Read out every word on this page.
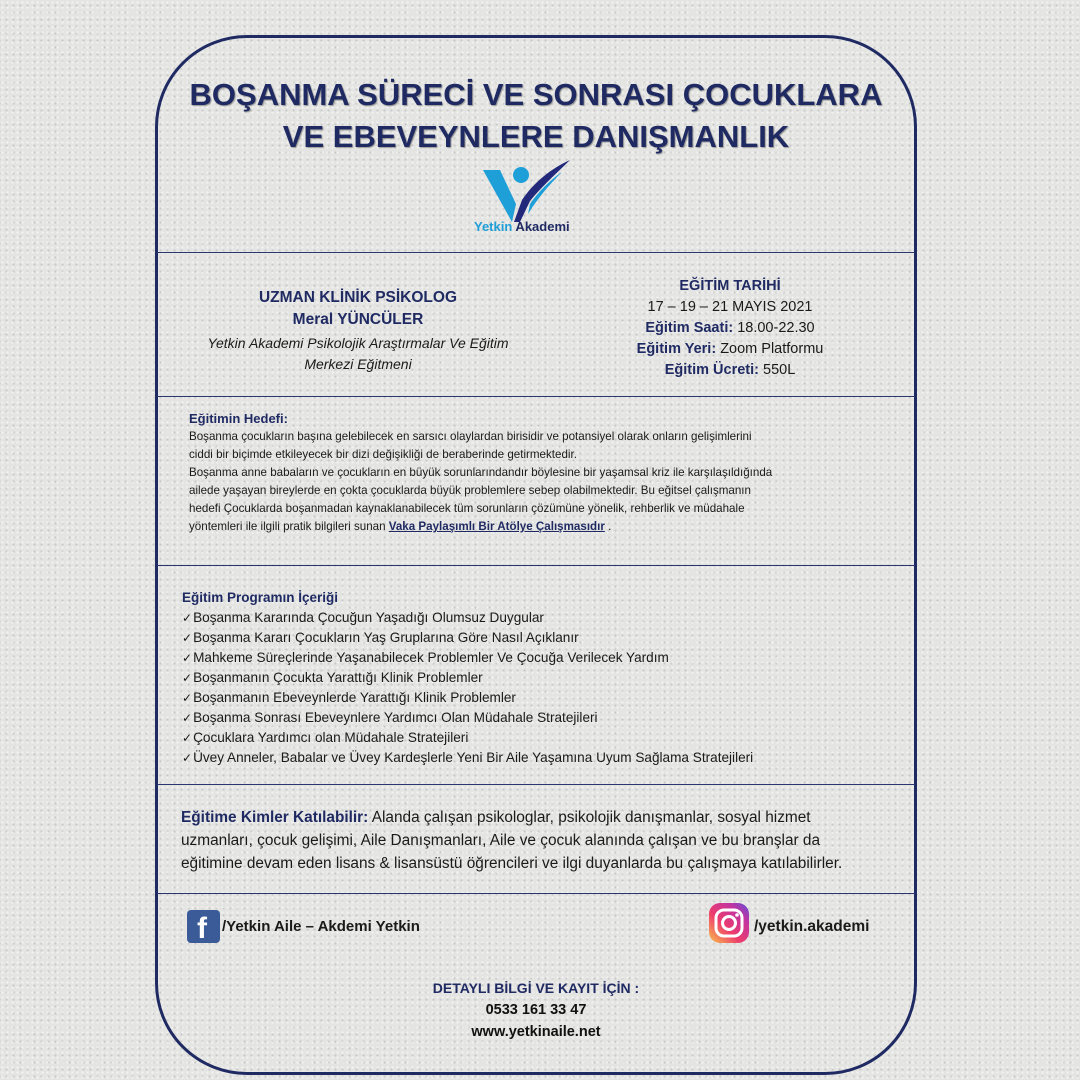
BOŞANMA SÜRECİ VE SONRASI ÇOCUKLARA
VE EBEVEYNLERE DANIŞMANLIK
Yetkin Akademi
UZMAN KLİNİK PSİKOLOG
Meral YÜNCÜLER
Yetkin Akademi Psikolojik Araştırmalar Ve Eğitim Merkezi Eğitmeni
EĞİTİM TARİHİ
17 – 19 – 21 MAYIS 2021
Eğitim Saati: 18.00-22.30
Eğitim Yeri: Zoom Platformu
Eğitim Ücreti: 550L
Eğitimin Hedefi:

Boşanma çocukların başına gelebilecek en sarsıcı olaylardan birisidir ve potansiyel olarak onların gelişimlerini

ciddi bir biçimde etkileyecek bir dizi değişikliği de beraberinde getirmektedir.

Boşanma anne babaların ve çocukların en büyük sorunlarındandır böylesine bir yaşamsal kriz ile karşılaşıldığında

ailede yaşayan bireylerde en çokta çocuklarda büyük problemlere sebep olabilmektedir. Bu eğitsel çalışmanın

hedefi Çocuklarda boşanmadan kaynaklanabilecek tüm sorunların çözümüne yönelik, rehberlik ve müdahale

yöntemleri ile ilgili pratik bilgileri sunan Vaka Paylaşımlı Bir Atölye Çalışmasıdır .

Eğitim Programın İçeriği
✓Boşanma Kararında Çocuğun Yaşadığı Olumsuz Duygular
✓Boşanma Kararı Çocukların Yaş Gruplarına Göre Nasıl Açıklanır
✓Mahkeme Süreçlerinde Yaşanabilecek Problemler Ve Çocuğa Verilecek Yardım
✓Boşanmanın Çocukta Yarattığı Klinik Problemler
✓Boşanmanın Ebeveynlerde Yarattığı Klinik Problemler
✓Boşanma Sonrası Ebeveynlere Yardımcı Olan Müdahale Stratejileri
✓Çocuklara Yardımcı olan Müdahale Stratejileri
✓Üvey Anneler, Babalar ve Üvey Kardeşlerle Yeni Bir Aile Yaşamına Uyum Sağlama Stratejileri

Eğitime Kimler Katılabilir: Alanda çalışan psikologlar, psikolojik danışmanlar, sosyal hizmet

uzmanları, çocuk gelişimi, Aile Danışmanları, Aile ve çocuk alanında çalışan ve bu branşlar da

eğitimine devam eden lisans & lisansüstü öğrencileri ve ilgi duyanlarda bu çalışmaya katılabilirler.

f /Yetkin Aile – Akdemi Yetkin	/yetkin.akademi
DETAYLI BİLGİ VE KAYIT İÇİN :
0533 161 33 47
www.yetkinaile.net
